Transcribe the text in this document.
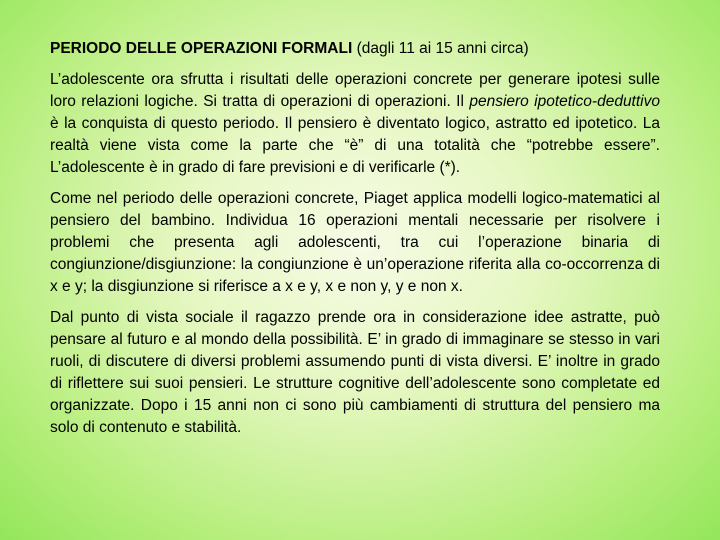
PERIODO DELLE OPERAZIONI FORMALI (dagli 11 ai 15 anni circa)
L’adolescente ora sfrutta i risultati delle operazioni concrete per generare ipotesi sulle loro relazioni logiche. Si tratta di operazioni di operazioni. Il pensiero ipotetico-deduttivo è la conquista di questo periodo. Il pensiero è diventato logico, astratto ed ipotetico. La realtà viene vista come la parte che “è” di una totalità che “potrebbe essere”. L’adolescente è in grado di fare previsioni e di verificarle (*).
Come nel periodo delle operazioni concrete, Piaget applica modelli logico-matematici al pensiero del bambino. Individua 16 operazioni mentali necessarie per risolvere i problemi che presenta agli adolescenti, tra cui l’operazione binaria di congiunzione/disgiunzione: la congiunzione è un’operazione riferita alla co-occorrenza di x e y; la disgiunzione si riferisce a x e y, x e non y, y e non x.
Dal punto di vista sociale il ragazzo prende ora in considerazione idee astratte, può pensare al futuro e al mondo della possibilità. E’ in grado di immaginare se stesso in vari ruoli, di discutere di diversi problemi assumendo punti di vista diversi. E’ inoltre in grado di riflettere sui suoi pensieri. Le strutture cognitive dell’adolescente sono completate ed organizzate. Dopo i 15 anni non ci sono più cambiamenti di struttura del pensiero ma solo di contenuto e stabilità.
